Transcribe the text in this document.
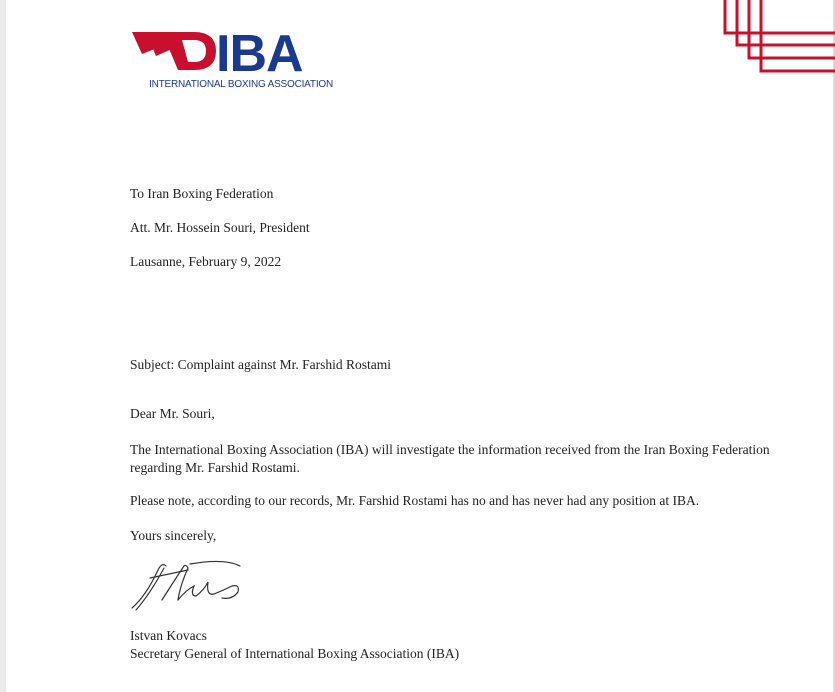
IBA
INTERNATIONAL BOXING ASSOCIATION
To Iran Boxing Federation
Att. Mr. Hossein Souri, President
Lausanne, February 9, 2022
Subject: Complaint against Mr. Farshid Rostami
Dear Mr. Souri,
The International Boxing Association (IBA) will investigate the information received from the Iran Boxing Federation regarding Mr. Farshid Rostami.
Please note, according to our records, Mr. Farshid Rostami has no and has never had any position at IBA.
Yours sincerely,
Istvan Kovacs
Secretary General of International Boxing Association (IBA)
